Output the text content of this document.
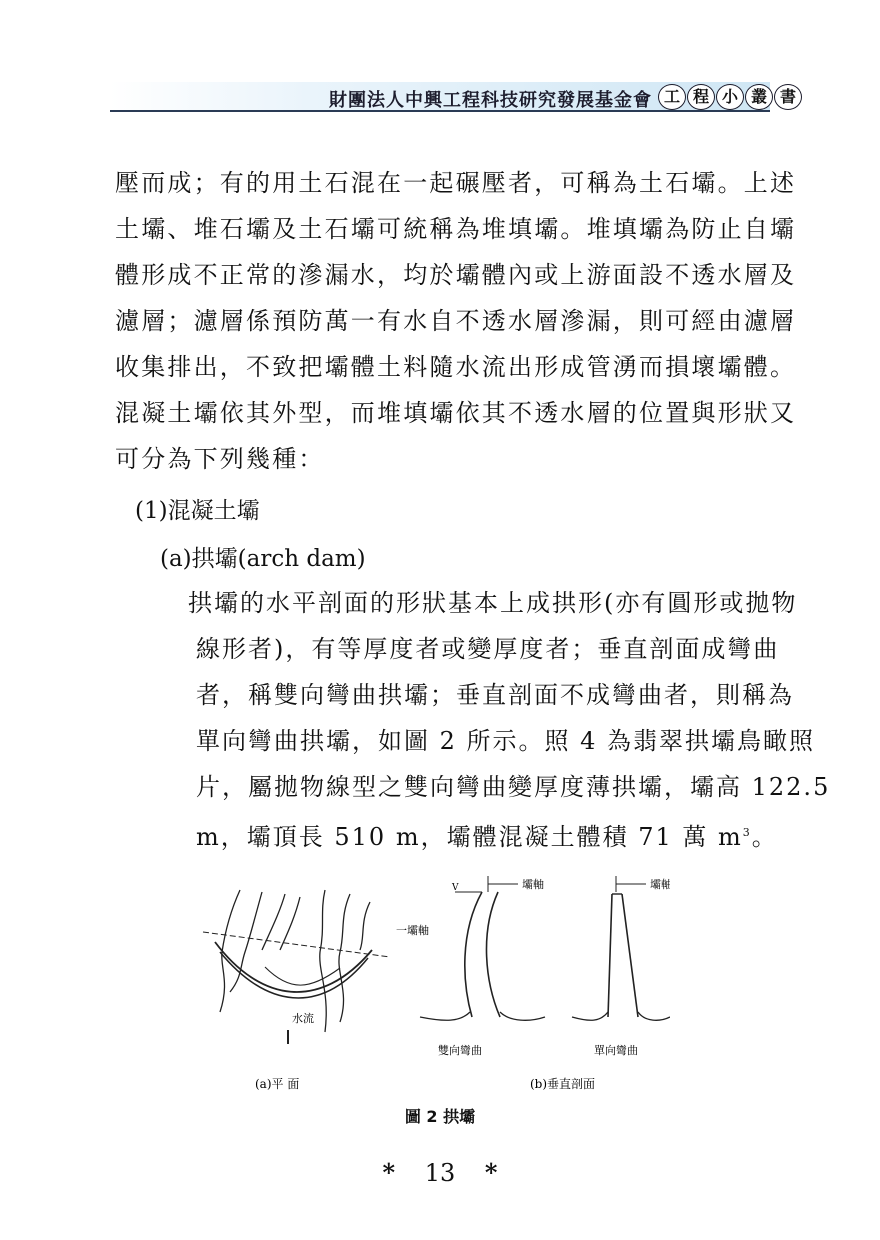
財團法人中興工程科技研究發展基金會 工 程 小 叢 書
壓而成；有的用土石混在一起碾壓者，可稱為土石壩。上述
土壩、堆石壩及土石壩可統稱為堆填壩。堆填壩為防止自壩
體形成不正常的滲漏水，均於壩體內或上游面設不透水層及
濾層；濾層係預防萬一有水自不透水層滲漏，則可經由濾層
收集排出，不致把壩體土料隨水流出形成管湧而損壞壩體。
混凝土壩依其外型，而堆填壩依其不透水層的位置與形狀又
可分為下列幾種：
(1)混凝土壩
(a)拱壩(arch dam)
拱壩的水平剖面的形狀基本上成拱形(亦有圓形或拋物
線形者)，有等厚度者或變厚度者；垂直剖面成彎曲
者，稱雙向彎曲拱壩；垂直剖面不成彎曲者，則稱為
單向彎曲拱壩，如圖 2 所示。照 4 為翡翠拱壩鳥瞰照
片，屬拋物線型之雙向彎曲變厚度薄拱壩，壩高 122.5
m，壩頂長 510 m，壩體混凝土體積 71 萬 $m^3$。
一壩軸
水流
V	壩軸
雙向彎曲
壩軸
單向彎曲
(a)平 面	(b)垂直剖面
圖 2 拱壩
* 13 *
